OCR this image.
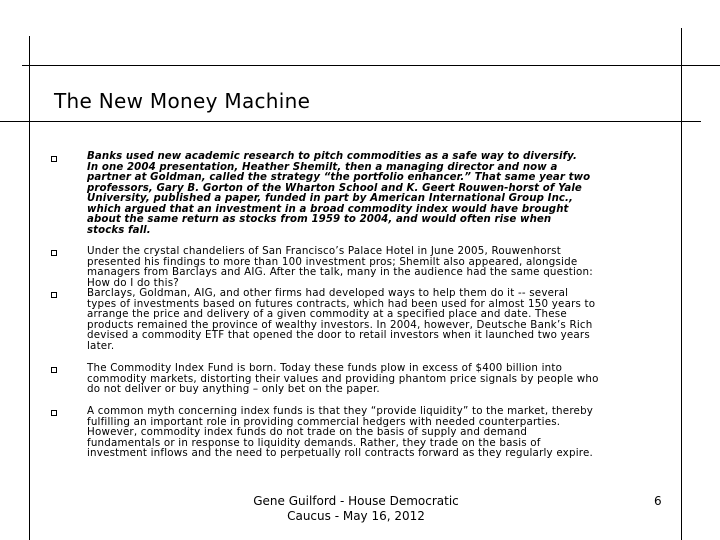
The New Money Machine
Banks used new academic research to pitch commodities as a safe way to diversify.
In one 2004 presentation, Heather Shemilt, then a managing director and now a
partner at Goldman, called the strategy “the portfolio enhancer.” That same year two
professors, Gary B. Gorton of the Wharton School and K. Geert Rouwen-horst of Yale
University, published a paper, funded in part by American International Group Inc.,
which argued that an investment in a broad commodity index would have brought
about the same return as stocks from 1959 to 2004, and would often rise when
stocks fall.
Under the crystal chandeliers of San Francisco’s Palace Hotel in June 2005, Rouwenhorst
presented his findings to more than 100 investment pros; Shemilt also appeared, alongside
managers from Barclays and AIG. After the talk, many in the audience had the same question:
How do I do this?
Barclays, Goldman, AIG, and other firms had developed ways to help them do it -- several
types of investments based on futures contracts, which had been used for almost 150 years to
arrange the price and delivery of a given commodity at a specified place and date. These
products remained the province of wealthy investors. In 2004, however, Deutsche Bank’s Rich
devised a commodity ETF that opened the door to retail investors when it launched two years
later.
The Commodity Index Fund is born. Today these funds plow in excess of $400 billion into
commodity markets, distorting their values and providing phantom price signals by people who
do not deliver or buy anything – only bet on the paper.
A common myth concerning index funds is that they “provide liquidity” to the market, thereby
fulfilling an important role in providing commercial hedgers with needed counterparties.
However, commodity index funds do not trade on the basis of supply and demand
fundamentals or in response to liquidity demands. Rather, they trade on the basis of
investment inflows and the need to perpetually roll contracts forward as they regularly expire.
Gene Guilford - House Democratic
Caucus - May 16, 2012
6
